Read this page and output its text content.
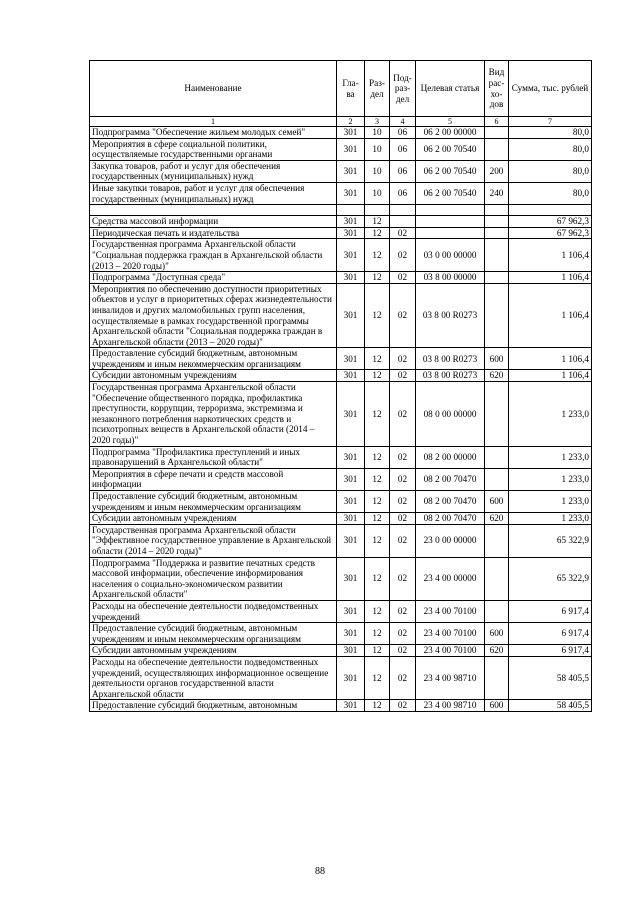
Наименование	Гла-ва	Раз-дел	Под-раз-дел	Целевая статья	Вид рас-хо-дов	Сумма, тыс. рублей
1	2	3	4	5	6	7
Подпрограмма "Обеспечение жильем молодых семей"	301	10	06	06 2 00 00000		80,0
Мероприятия в сфере социальной политики, осуществляемые государственными органами	301	10	06	06 2 00 70540		80,0
Закупка товаров, работ и услуг для обеспечения государственных (муниципальных) нужд	301	10	06	06 2 00 70540	200	80,0
Иные закупки товаров, работ и услуг для обеспечения государственных (муниципальных) нужд	301	10	06	06 2 00 70540	240	80,0

Средства массовой информации	301	12				67 962,3
Периодическая печать и издательства	301	12	02			67 962,3
Государственная программа Архангельской области "Социальная поддержка граждан в Архангельской области (2013 – 2020 годы)"	301	12	02	03 0 00 00000		1 106,4
Подпрограмма "Доступная среда"	301	12	02	03 8 00 00000		1 106,4
Мероприятия по обеспечению доступности приоритетных объектов и услуг в приоритетных сферах жизнедеятельности инвалидов и других маломобильных групп населения, осуществляемые в рамках государственной программы Архангельской области "Социальная поддержка граждан в Архангельской области (2013 – 2020 годы)"	301	12	02	03 8 00 R0273		1 106,4
Предоставление субсидий бюджетным, автономным учреждениям и иным некоммерческим организациям	301	12	02	03 8 00 R0273	600	1 106,4
Субсидии автономным учреждениям	301	12	02	03 8 00 R0273	620	1 106,4
Государственная программа Архангельской области "Обеспечение общественного порядка, профилактика преступности, коррупции, терроризма, экстремизма и незаконного потребления наркотических средств и психотропных веществ в Архангельской области (2014 – 2020 годы)"	301	12	02	08 0 00 00000		1 233,0
Подпрограмма "Профилактика преступлений и иных правонарушений в Архангельской области"	301	12	02	08 2 00 00000		1 233,0
Мероприятия в сфере печати и средств массовой информации	301	12	02	08 2 00 70470		1 233,0
Предоставление субсидий бюджетным, автономным учреждениям и иным некоммерческим организациям	301	12	02	08 2 00 70470	600	1 233,0
Субсидии автономным учреждениям	301	12	02	08 2 00 70470	620	1 233,0
Государственная программа Архангельской области "Эффективное государственное управление в Архангельской области (2014 – 2020 годы)"	301	12	02	23 0 00 00000		65 322,9
Подпрограмма "Поддержка и развитие печатных средств массовой информации, обеспечение информирования населения о социально-экономическом развитии Архангельской области"	301	12	02	23 4 00 00000		65 322,9
Расходы на обеспечение деятельности подведомственных учреждений	301	12	02	23 4 00 70100		6 917,4
Предоставление субсидий бюджетным, автономным учреждениям и иным некоммерческим организациям	301	12	02	23 4 00 70100	600	6 917,4
Субсидии автономным учреждениям	301	12	02	23 4 00 70100	620	6 917,4
Расходы на обеспечение деятельности подведомственных учреждений, осуществляющих информационное освещение деятельности органов государственной власти Архангельской области	301	12	02	23 4 00 98710		58 405,5
Предоставление субсидий бюджетным, автономным	301	12	02	23 4 00 98710	600	58 405,5
88
